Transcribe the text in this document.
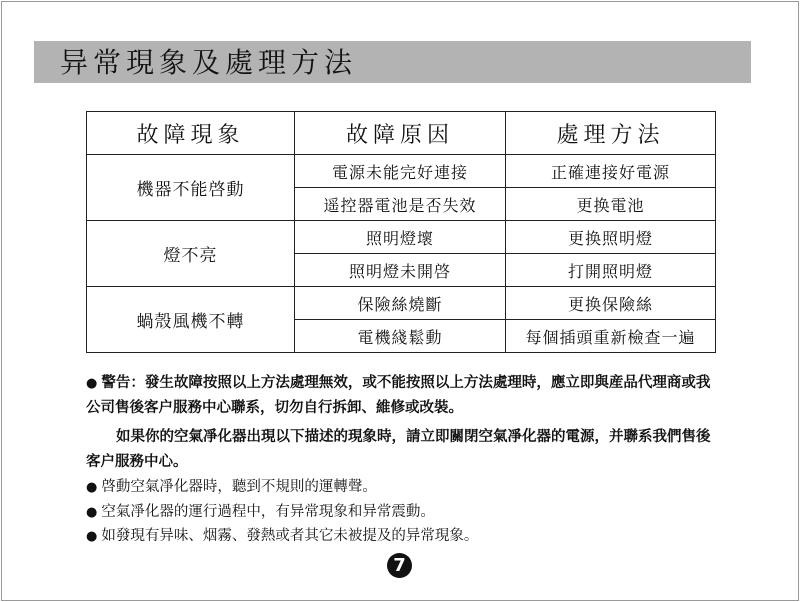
异常現象及處理方法
故障現象	故障原因	處理方法
機器不能啓動	電源未能完好連接	正確連接好電源
	遥控器電池是否失效	更换電池
燈不亮	照明燈壞	更换照明燈
	照明燈未開啓	打開照明燈
蝸殼風機不轉	保險絲燒斷	更换保險絲
	電機綫鬆動	每個插頭重新檢查一遍

● 警告：發生故障按照以上方法處理無效，或不能按照以上方法處理時，應立即與産品代理商或我公司售後客户服務中心聯系，切勿自行拆卸、維修或改裝。

如果你的空氣凈化器出現以下描述的現象時，請立即關閉空氣凈化器的電源，并聯系我們售後客户服務中心。

● 啓動空氣凈化器時，聽到不規則的運轉聲。
● 空氣凈化器的運行過程中，有异常現象和异常震動。
● 如發現有异味、烟霧、發熱或者其它未被提及的异常現象。
7
